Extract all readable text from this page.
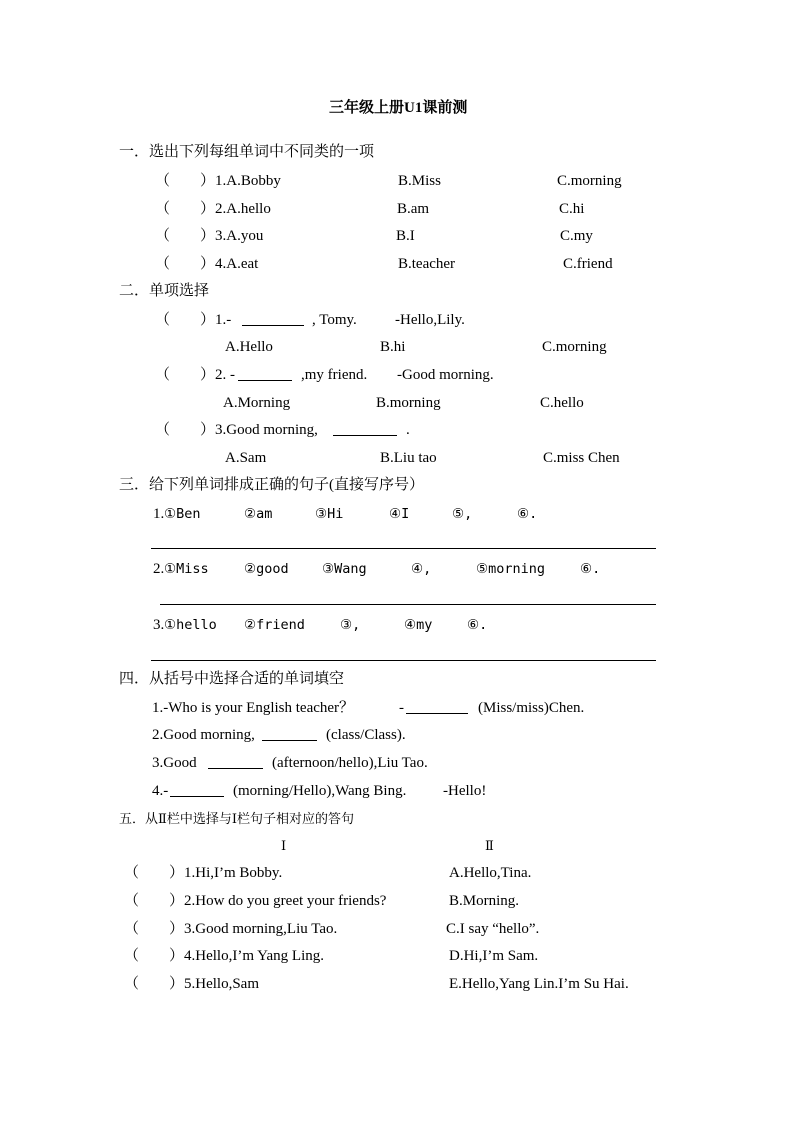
三年级上册U1课前测
一．选出下列每组单词中不同类的一项
（　　） 1.A.Bobby	B.Miss	C.morning
（　　） 2.A.hello	B.am	C.hi
（　　） 3.A.you	B.I	C.my
（　　） 4.A.eat	B.teacher	C.friend
二．单项选择
（　　） 1.-	, Tomy.	-Hello,Lily.
A.Hello	B.hi	C.morning
（　　） 2. -	,my friend. -Good morning.
A.Morning	B.morning	C.hello
（　　） 3.Good morning,	.
A.Sam	B.Liu tao	C.miss Chen
三．给下列单词排成正确的句子(直接写序号）
1. ①Ben	②am	③Hi	④I	⑤,	⑥.
2. ①Miss	②good ③Wang	④,	⑤morning	⑥.
3. ①hello ②friend	③,	④my	⑥.
四．从括号中选择合适的单词填空
1.-Who is your English teacher？	-	(Miss/miss)Chen.
2.Good morning,	(class/Class).
3.Good	(afternoon/hello),Liu Tao.
4.-	(morning/Hello),Wang Bing. -Hello!
五．从Ⅱ栏中选择与Ⅰ栏句子相对应的答句
Ⅰ	Ⅱ
（　　） 1.Hi,I’m Bobby.	A.Hello,Tina.
（　　） 2.How do you greet your friends?	B.Morning.
（　　） 3.Good morning,Liu Tao.	C.I say “hello”.
（　　） 4.Hello,I’m Yang Ling.	D.Hi,I’m Sam.
（　　） 5.Hello,Sam	E.Hello,Yang Lin.I’m Su Hai.
